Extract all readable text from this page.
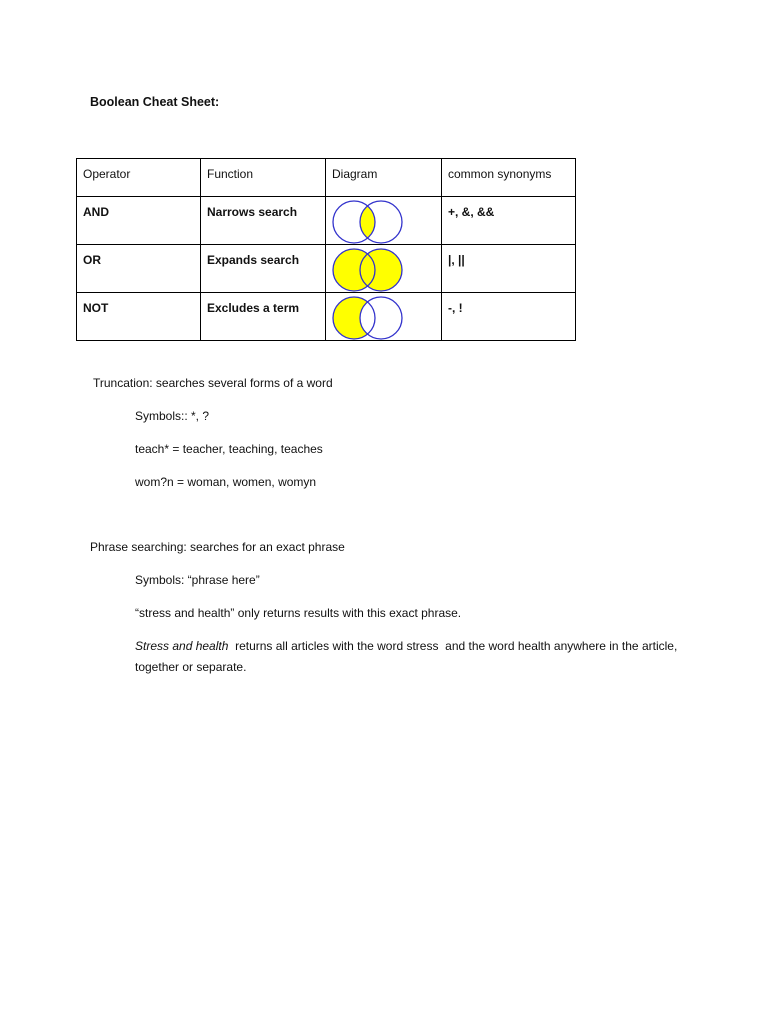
Boolean Cheat Sheet:
Operator	Function	Diagram	common synonyms
AND	Narrows search		+, &, &&
OR	Expands search		|, ||
NOT	Excludes a term		-, !
Truncation: searches several forms of a word
Symbols:: *, ?
teach* = teacher, teaching, teaches
wom?n = woman, women, womyn
Phrase searching: searches for an exact phrase
Symbols: “phrase here”
“stress and health” only returns results with this exact phrase.
Stress and health  returns all articles with the word stress  and the word health anywhere in the article, together or separate.
